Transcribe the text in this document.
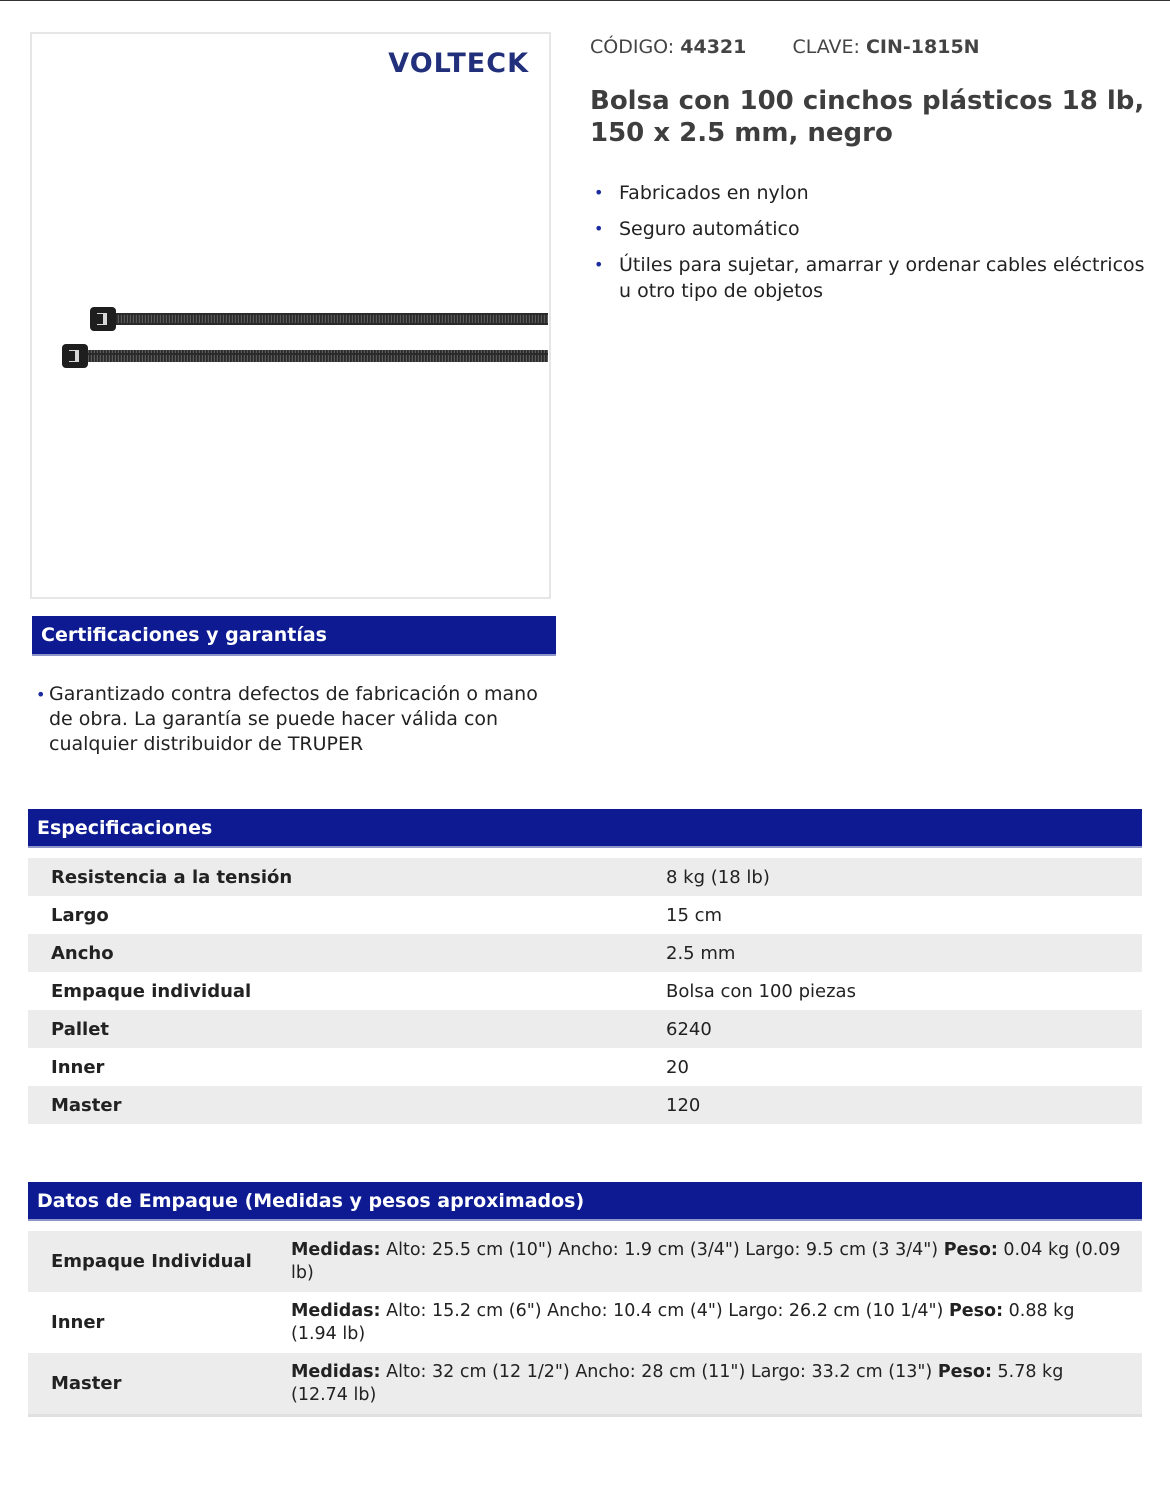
VOLTECK
CÓDIGO: 44321 CLAVE: CIN-1815N
Bolsa con 100 cinchos plásticos 18 lb, 150 x 2.5 mm, negro
• Fabricados en nylon
• Seguro automático
• Útiles para sujetar, amarrar y ordenar cables eléctricos u otro tipo de objetos
Certificaciones y garantías
• Garantizado contra defectos de fabricación o mano de obra. La garantía se puede hacer válida con cualquier distribuidor de TRUPER
Especificaciones
Resistencia a la tensión	8 kg (18 lb)
Largo	15 cm
Ancho	2.5 mm
Empaque individual	Bolsa con 100 piezas
Pallet	6240
Inner	20
Master	120
Datos de Empaque (Medidas y pesos aproximados)
Empaque Individual	Medidas: Alto: 25.5 cm (10") Ancho: 1.9 cm (3/4") Largo: 9.5 cm (3 3/4") Peso: 0.04 kg (0.09 lb)
Inner	Medidas: Alto: 15.2 cm (6") Ancho: 10.4 cm (4") Largo: 26.2 cm (10 1/4") Peso: 0.88 kg (1.94 lb)
Master	Medidas: Alto: 32 cm (12 1/2") Ancho: 28 cm (11") Largo: 33.2 cm (13") Peso: 5.78 kg (12.74 lb)
